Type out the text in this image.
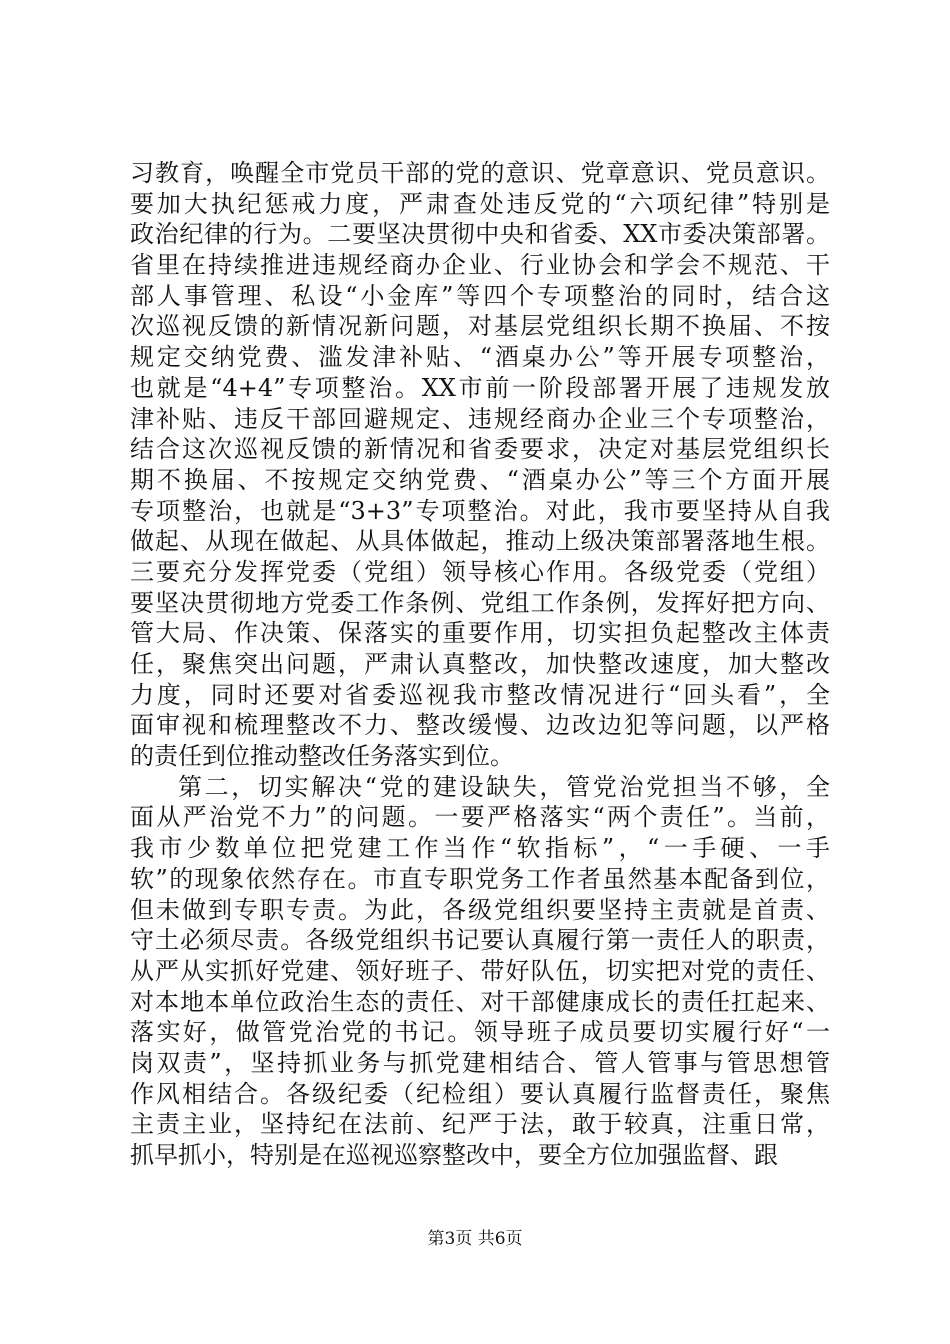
习教育，唤醒全市党员干部的党的意识、党章意识、党员意识。
要加大执纪惩戒力度，严肃查处违反党的“六项纪律”特别是
政治纪律的行为。二要坚决贯彻中央和省委、XX市委决策部署。
省里在持续推进违规经商办企业、行业协会和学会不规范、干
部人事管理、私设“小金库”等四个专项整治的同时，结合这
次巡视反馈的新情况新问题，对基层党组织长期不换届、不按
规定交纳党费、滥发津补贴、“酒桌办公”等开展专项整治，
也就是“4+4”专项整治。XX市前一阶段部署开展了违规发放
津补贴、违反干部回避规定、违规经商办企业三个专项整治，
结合这次巡视反馈的新情况和省委要求，决定对基层党组织长
期不换届、不按规定交纳党费、“酒桌办公”等三个方面开展
专项整治，也就是“3+3”专项整治。对此，我市要坚持从自我
做起、从现在做起、从具体做起，推动上级决策部署落地生根。
三要充分发挥党委（党组）领导核心作用。各级党委（党组）
要坚决贯彻地方党委工作条例、党组工作条例，发挥好把方向、
管大局、作决策、保落实的重要作用，切实担负起整改主体责
任，聚焦突出问题，严肃认真整改，加快整改速度，加大整改
力度，同时还要对省委巡视我市整改情况进行“回头看”，全
面审视和梳理整改不力、整改缓慢、边改边犯等问题，以严格
的责任到位推动整改任务落实到位。
第二，切实解决“党的建设缺失，管党治党担当不够，全
面从严治党不力”的问题。一要严格落实“两个责任”。当前，
我市少数单位把党建工作当作“软指标”，“一手硬、一手
软”的现象依然存在。市直专职党务工作者虽然基本配备到位，
但未做到专职专责。为此，各级党组织要坚持主责就是首责、
守土必须尽责。各级党组织书记要认真履行第一责任人的职责，
从严从实抓好党建、领好班子、带好队伍，切实把对党的责任、
对本地本单位政治生态的责任、对干部健康成长的责任扛起来、
落实好，做管党治党的书记。领导班子成员要切实履行好“一
岗双责”，坚持抓业务与抓党建相结合、管人管事与管思想管
作风相结合。各级纪委（纪检组）要认真履行监督责任，聚焦
主责主业，坚持纪在法前、纪严于法，敢于较真，注重日常，
抓早抓小，特别是在巡视巡察整改中，要全方位加强监督、跟
第3页 共6页
